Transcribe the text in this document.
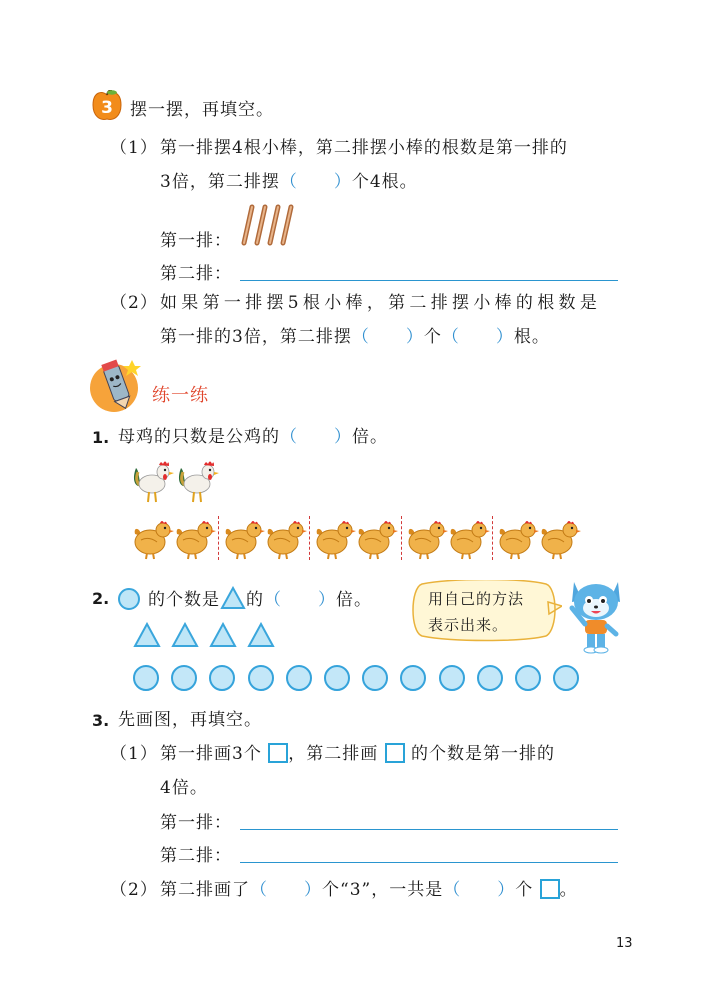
3 摆一摆，再填空。
（1） 第一排摆4根小棒，第二排摆小棒的根数是第一排的
3倍，第二排摆（　　）个4根。
第一排：
第二排：
（2） 如果第一排摆5根小棒，第二排摆小棒的根数是
第一排的3倍，第二排摆（　　）个（　　）根。
练一练
1. 母鸡的只数是公鸡的（　　）倍。
2.	的个数是 的（　　）倍。	用自己的方法
表示出来。
3. 先画图，再填空。
（1） 第一排画3个 ，第二排画 的个数是第一排的
4倍。
第一排：
第二排：
（2） 第二排画了（　　）个“3”，一共是（　　）个 。
13
